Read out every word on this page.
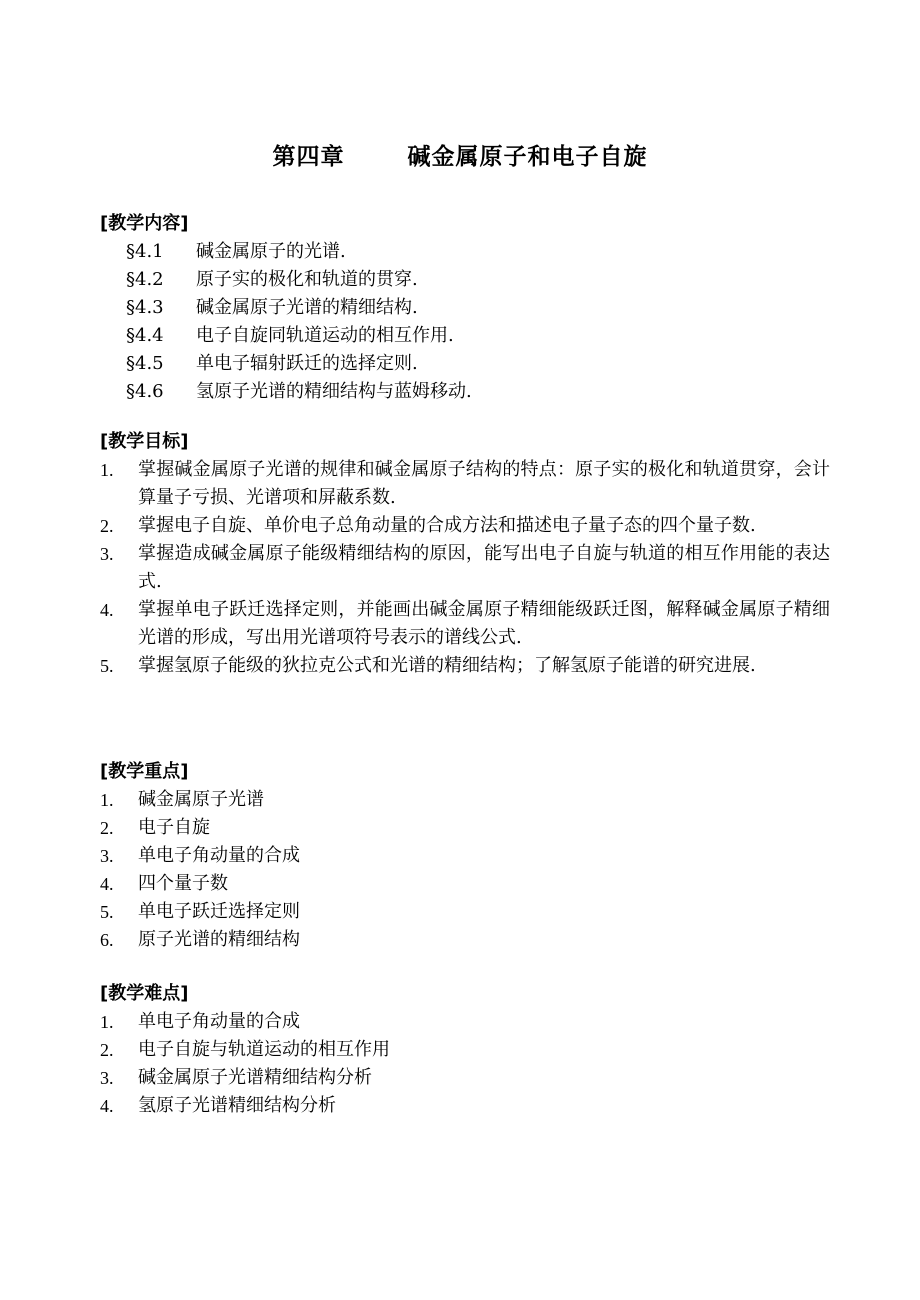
第四章	碱金属原子和电子自旋
[教学内容]
§4.1	碱金属原子的光谱.
§4.2	原子实的极化和轨道的贯穿.
§4.3	碱金属原子光谱的精细结构.
§4.4	电子自旋同轨道运动的相互作用.
§4.5	单电子辐射跃迁的选择定则.
§4.6	氢原子光谱的精细结构与蓝姆移动.
[教学目标]
1.	掌握碱金属原子光谱的规律和碱金属原子结构的特点：原子实的极化和轨道贯穿，会计算量子亏损、光谱项和屏蔽系数.
2.	掌握电子自旋、单价电子总角动量的合成方法和描述电子量子态的四个量子数.
3.	掌握造成碱金属原子能级精细结构的原因，能写出电子自旋与轨道的相互作用能的表达式.
4.	掌握单电子跃迁选择定则，并能画出碱金属原子精细能级跃迁图，解释碱金属原子精细光谱的形成，写出用光谱项符号表示的谱线公式.
5.	掌握氢原子能级的狄拉克公式和光谱的精细结构；了解氢原子能谱的研究进展.
[教学重点]
1.	碱金属原子光谱
2.	电子自旋
3.	单电子角动量的合成
4.	四个量子数
5.	单电子跃迁选择定则
6.	原子光谱的精细结构
[教学难点]
1.	单电子角动量的合成
2.	电子自旋与轨道运动的相互作用
3.	碱金属原子光谱精细结构分析
4.	氢原子光谱精细结构分析
